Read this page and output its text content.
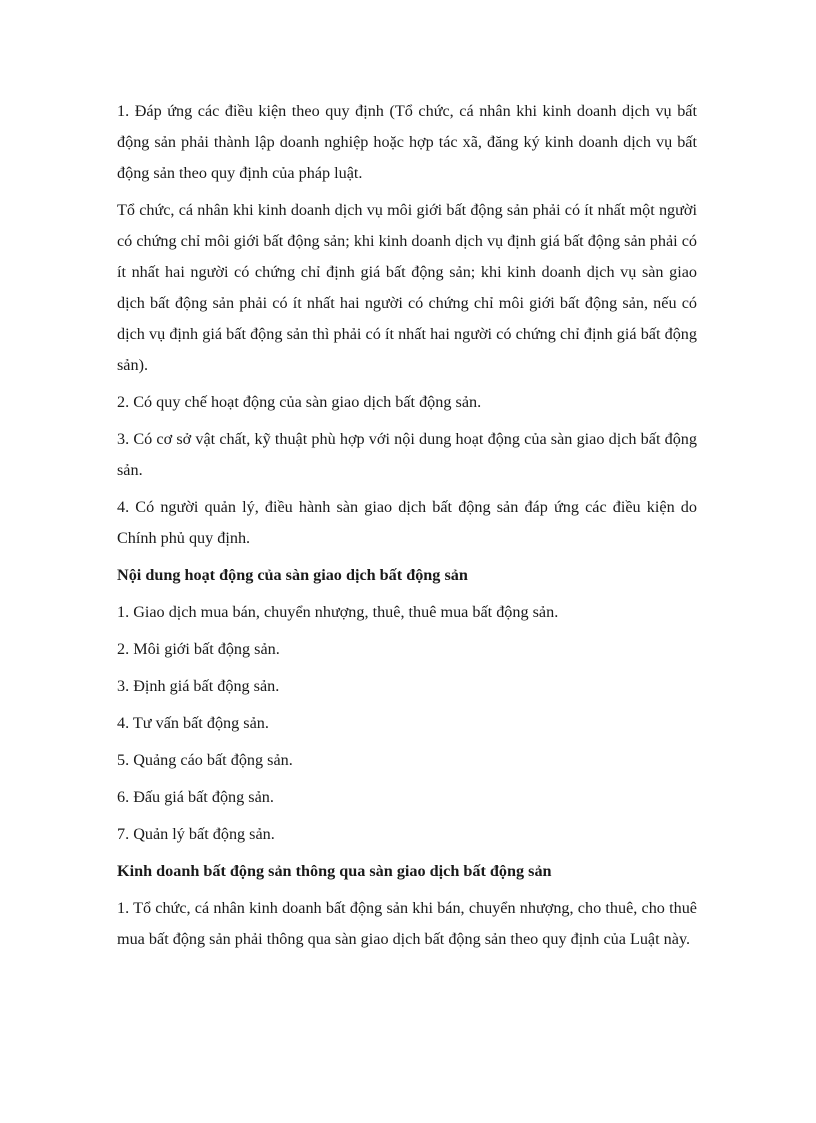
1. Đáp ứng các điều kiện theo quy định (Tổ chức, cá nhân khi kinh doanh dịch vụ bất động sản phải thành lập doanh nghiệp hoặc hợp tác xã, đăng ký kinh doanh dịch vụ bất động sản theo quy định của pháp luật.

Tổ chức, cá nhân khi kinh doanh dịch vụ môi giới bất động sản phải có ít nhất một người có chứng chỉ môi giới bất động sản; khi kinh doanh dịch vụ định giá bất động sản phải có ít nhất hai người có chứng chỉ định giá bất động sản; khi kinh doanh dịch vụ sàn giao dịch bất động sản phải có ít nhất hai người có chứng chỉ môi giới bất động sản, nếu có dịch vụ định giá bất động sản thì phải có ít nhất hai người có chứng chỉ định giá bất động sản).

2. Có quy chế hoạt động của sàn giao dịch bất động sản.

3. Có cơ sở vật chất, kỹ thuật phù hợp với nội dung hoạt động của sàn giao dịch bất động sản.

4. Có người quản lý, điều hành sàn giao dịch bất động sản đáp ứng các điều kiện do Chính phủ quy định.

Nội dung hoạt động của sàn giao dịch bất động sản

1. Giao dịch mua bán, chuyển nhượng, thuê, thuê mua bất động sản.

2. Môi giới bất động sản.

3. Định giá bất động sản.

4. Tư vấn bất động sản.

5. Quảng cáo bất động sản.

6. Đấu giá bất động sản.

7. Quản lý bất động sản.

Kinh doanh bất động sản thông qua sàn giao dịch bất động sản

1. Tổ chức, cá nhân kinh doanh bất động sản khi bán, chuyển nhượng, cho thuê, cho thuê mua bất động sản phải thông qua sàn giao dịch bất động sản theo quy định của Luật này.
